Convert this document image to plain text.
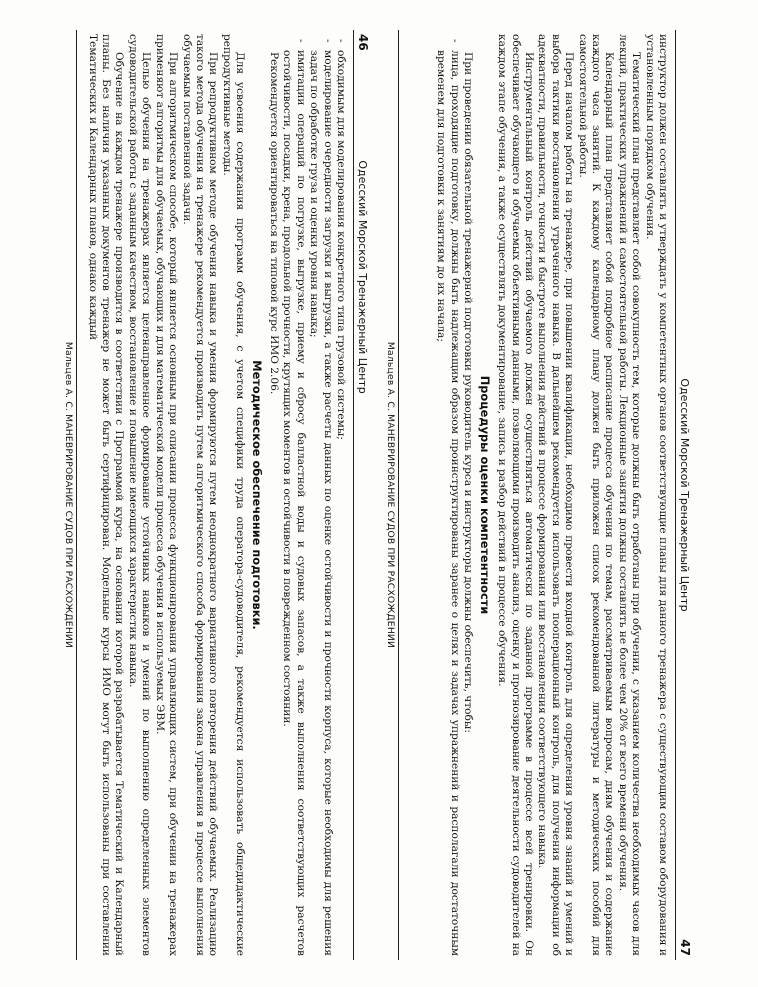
46
Одесский Морской Тренажерный Центр
- обходимым для моделирования конкретного типа грузовой системы;
- моделирование очередности загрузки и выгрузки, а также расчеты данных по оценке остойчивости и прочности корпуса, которые необходимы для решения задач по обработке груза и оценки уровня навыка;
- имитации операций по погрузке, выгрузке, приему и сбросу балластной воды и судовых запасов, а также выполнения соответствующих расчетов остойчивости, посадки, крена, продольной прочности, крутящих моментов и остойчивости в поврежденном состоянии.

Рекомендуется ориентироваться на типовой курс ИМО 2.06.

Методическое обеспечение подготовки.

Для усвоения содержания программ обучения, с учетом специфики труда оператора-судоводителя, рекомендуется использовать общедидактические репродуктивные методы.

При репродуктивном методе обучения навыка и умения формируются путем неоднократного вариативного повторения действий обучаемых. Реализацию такого метода обучения на тренажере рекомендуется производить путем алгоритмического способа формирования закона управления в процессе выполнения обучаемым поставленной задачи.

При алгоритмическом способе, который является основным при описании процесса функционирования управляющих систем, при обучении на тренажерах применяют алгоритмы для обучаемых, обучающих и для математической модели процесса обучения в используемых ЭВМ.

Целью обучения на тренажерах является целенаправленное формирование устойчивых навыков и умений по выполнению определенных элементов судоводительской работы с заданным качеством, восстановление и повышение имеющихся характеристик навыка.

Обучение на каждом тренажере производится в соответствии с Программой курса, на основании которой разрабатывается Тематический и Календарный планы. Без наличия указанных документов тренажер не может быть сертифицирован. Модельные курсы ИМО могут быть использованы при составлении Тематических и Календарных планов, однако каждый

Мальцев А. С. МАНЕВРИРОВАНИЕ СУДОВ ПРИ РАСХОЖДЕНИИ	Одесский Морской Тренажерный Центр
47

инструктор должен составлять и утверждать у компетентных органов соответствующие планы для данного тренажера с существующим составом оборудования и установленным порядком обучения.

Тематический план представляет собой совокупность тем, которые должны быть отработаны при обучении, с указанием количества необходимых часов для лекций, практических упражнений и самостоятельной работы. Лекционные занятия должны составлять не более чем 20% от всего времени обучения.

Календарный план представляет собой подробное расписание процесса обучения по темам, рассматриваемым вопросам, дням обучения и содержание каждого часа занятий. К каждому календарному плану должен быть приложен список рекомендованной литературы и методических пособий для самостоятельной работы.

Перед началом работы на тренажере, при повышении квалификации, необходимо провести входной контроль для определения уровня знаний и умений и выбора тактики восстановления утраченного навыка. В дальнейшем рекомендуется использовать пооперационный контроль, для получения информации об адекватности, правильности, точности и быстроте выполнения действий в процессе формирования или восстановления соответствующего навыка.

Инструментальный контроль действий обучаемого должен осуществляться автоматически по заданной программе в процессе всей тренировки. Он обеспечивает обучающего и обучаемых объективными данными, позволяющими производить анализ, оценку и прогнозирование деятельности судоводителей на каждом этапе обучения, а также осуществлять документирование, запись и разбор действий в процессе обучения.

Процедуры оценки компетентности

При проведении обязательной тренажерной подготовки руководитель курса и инструкторы должны обеспечить, чтобы:

- лица, проходящие подготовку, должны быть надлежащим образом проинструктированы заранее о целях и задачах упражнений и располагали достаточным временем для подготовки к занятиям до их начала;
Мальцев А. С. МАНЕВРИРОВАНИЕ СУДОВ ПРИ РАСХОЖДЕНИИ
